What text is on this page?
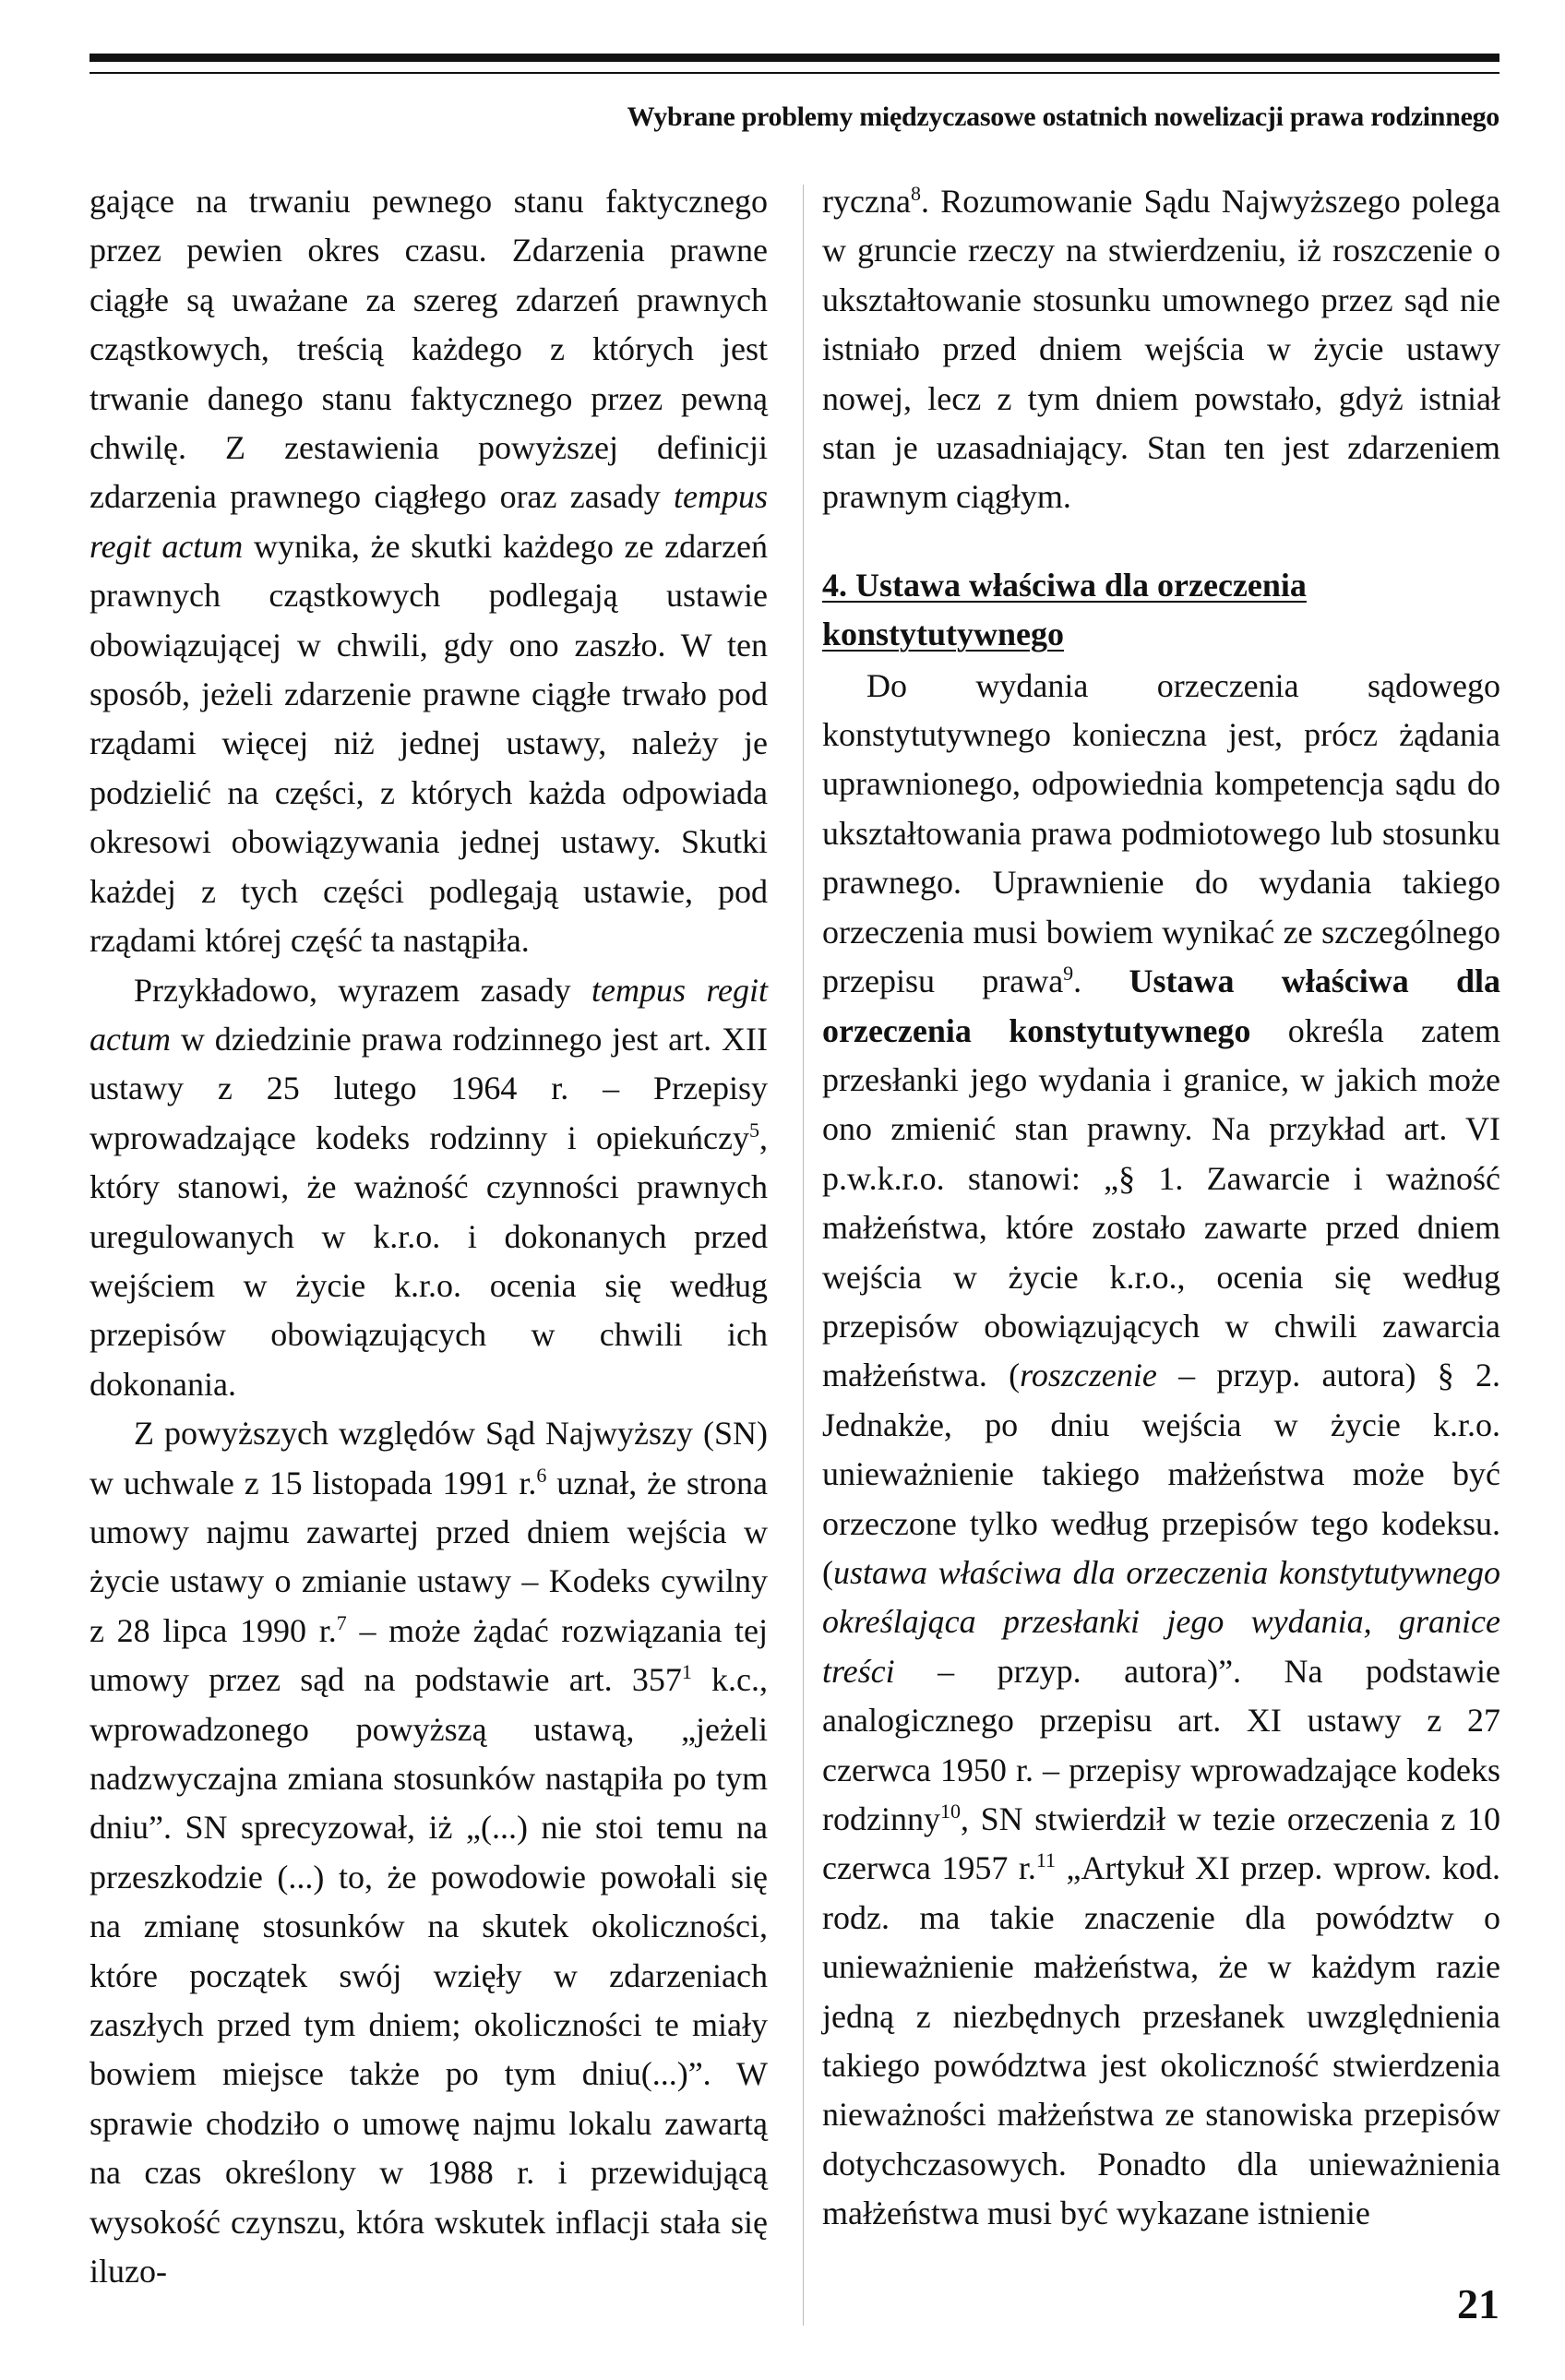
Wybrane problemy międzyczasowe ostatnich nowelizacji prawa rodzinnego

gające na trwaniu pewnego stanu faktycznego przez pewien okres czasu. Zdarzenia prawne ciągłe są uważane za szereg zdarzeń prawnych cząstkowych, treścią każdego z których jest trwanie danego stanu faktycznego przez pewną chwilę. Z zestawienia powyższej definicji zdarzenia prawnego ciągłego oraz zasady tempus regit actum wynika, że skutki każdego ze zdarzeń prawnych cząstkowych podlegają ustawie obowiązującej w chwili, gdy ono zaszło. W ten sposób, jeżeli zdarzenie prawne ciągłe trwało pod rządami więcej niż jednej ustawy, należy je podzielić na części, z których każda odpowiada okresowi obowiązywania jednej ustawy. Skutki każdej z tych części podlegają ustawie, pod rządami której część ta nastąpiła.

Przykładowo, wyrazem zasady tempus regit actum w dziedzinie prawa rodzinnego jest art. XII ustawy z 25 lutego 1964 r. – Przepisy wprowadzające kodeks rodzinny i opiekuńczy$^5$, który stanowi, że ważność czynności prawnych uregulowanych w k.r.o. i dokonanych przed wejściem w życie k.r.o. ocenia się według przepisów obowiązujących w chwili ich dokonania.

Z powyższych względów Sąd Najwyższy (SN) w uchwale z 15 listopada 1991 r.$^6$ uznał, że strona umowy najmu zawartej przed dniem wejścia w życie ustawy o zmianie ustawy – Kodeks cywilny z 28 lipca 1990 r.$^7$ – może żądać rozwiązania tej umowy przez sąd na podstawie art. $357^1$ k.c., wprowadzonego powyższą ustawą, „jeżeli nadzwyczajna zmiana stosunków nastąpiła po tym dniu”. SN sprecyzował, iż „(...) nie stoi temu na przeszkodzie (...) to, że powodowie powołali się na zmianę stosunków na skutek okoliczności, które początek swój wzięły w zdarzeniach zaszłych przed tym dniem; okoliczności te miały bowiem miejsce także po tym dniu(...)”. W sprawie chodziło o umowę najmu lokalu zawartą na czas określony w 1988 r. i przewidującą wysokość czynszu, która wskutek inflacji stała się iluzo-

ryczna$^8$. Rozumowanie Sądu Najwyższego polega w gruncie rzeczy na stwierdzeniu, iż roszczenie o ukształtowanie stosunku umownego przez sąd nie istniało przed dniem wejścia w życie ustawy nowej, lecz z tym dniem powstało, gdyż istniał stan je uzasadniający. Stan ten jest zdarzeniem prawnym ciągłym.

4. Ustawa właściwa dla orzeczenia konstytutywnego

Do wydania orzeczenia sądowego konstytutywnego konieczna jest, prócz żądania uprawnionego, odpowiednia kompetencja sądu do ukształtowania prawa podmiotowego lub stosunku prawnego. Uprawnienie do wydania takiego orzeczenia musi bowiem wynikać ze szczególnego przepisu prawa$^9$. Ustawa właściwa dla orzeczenia konstytutywnego określa zatem przesłanki jego wydania i granice, w jakich może ono zmienić stan prawny. Na przykład art. VI p.w.k.r.o. stanowi: „§ 1. Zawarcie i ważność małżeństwa, które zostało zawarte przed dniem wejścia w życie k.r.o., ocenia się według przepisów obowiązujących w chwili zawarcia małżeństwa. (roszczenie – przyp. autora) § 2. Jednakże, po dniu wejścia w życie k.r.o. unieważnienie takiego małżeństwa może być orzeczone tylko według przepisów tego kodeksu. (ustawa właściwa dla orzeczenia konstytutywnego określająca przesłanki jego wydania, granice treści – przyp. autora)”. Na podstawie analogicznego przepisu art. XI ustawy z 27 czerwca 1950 r. – przepisy wprowadzające kodeks rodzinny$^{10}$, SN stwierdził w tezie orzeczenia z 10 czerwca 1957 r.$^{11}$ „Artykuł XI przep. wprow. kod. rodz. ma takie znaczenie dla powództw o unieważnienie małżeństwa, że w każdym razie jedną z niezbędnych przesłanek uwzględnienia takiego powództwa jest okoliczność stwierdzenia nieważności małżeństwa ze stanowiska przepisów dotychczasowych. Ponadto dla unieważnienia małżeństwa musi być wykazane istnienie

21
